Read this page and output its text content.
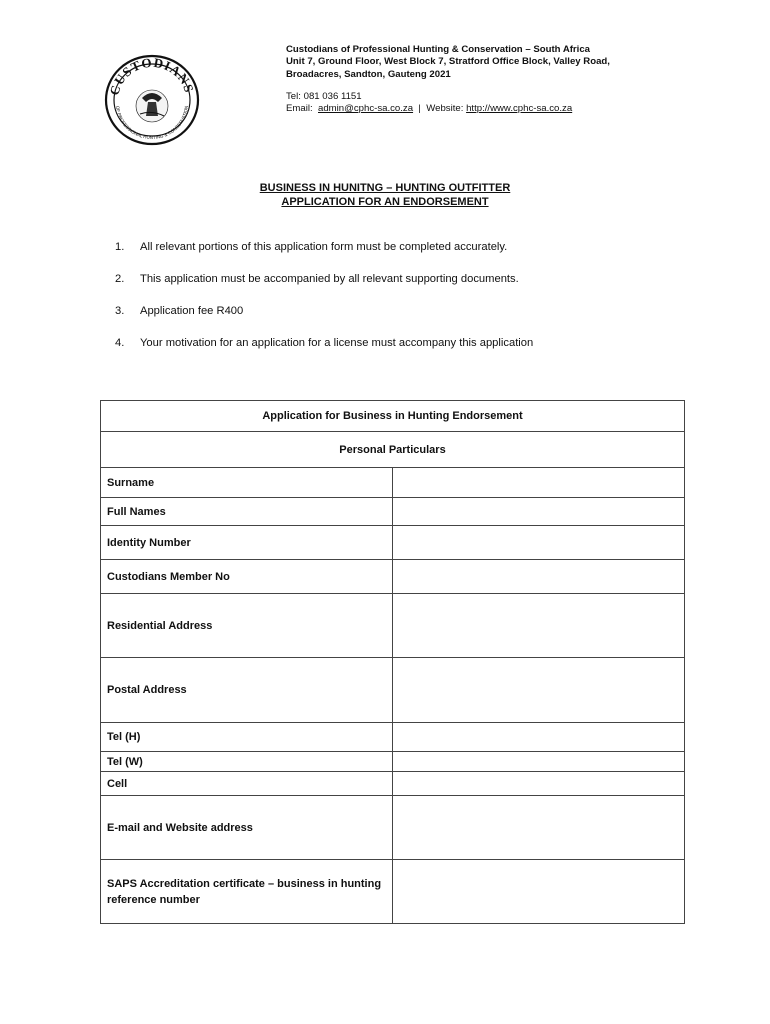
CUSTODIANS
OF PROFESSIONAL HUNTING & CONSERVATION
Custodians of Professional Hunting & Conservation – South Africa
Unit 7, Ground Floor, West Block 7, Stratford Office Block, Valley Road,
Broadacres, Sandton, Gauteng 2021
Tel: 081 036 1151
Email: admin@cphc-sa.co.za | Website: http://www.cphc-sa.co.za
BUSINESS IN HUNITNG – HUNTING OUTFITTER
APPLICATION FOR AN ENDORSEMENT
1.	All relevant portions of this application form must be completed accurately.
2.	This application must be accompanied by all relevant supporting documents.
3.	Application fee R400
4.	Your motivation for an application for a license must accompany this application
Application for Business in Hunting Endorsement	
Personal Particulars	
Surname	
Full Names	
Identity Number	
Custodians Member No	
Residential Address	
Postal Address	
Tel (H)	
Tel (W)	
Cell	
E-mail and Website address	
SAPS Accreditation certificate – business in hunting reference number	
